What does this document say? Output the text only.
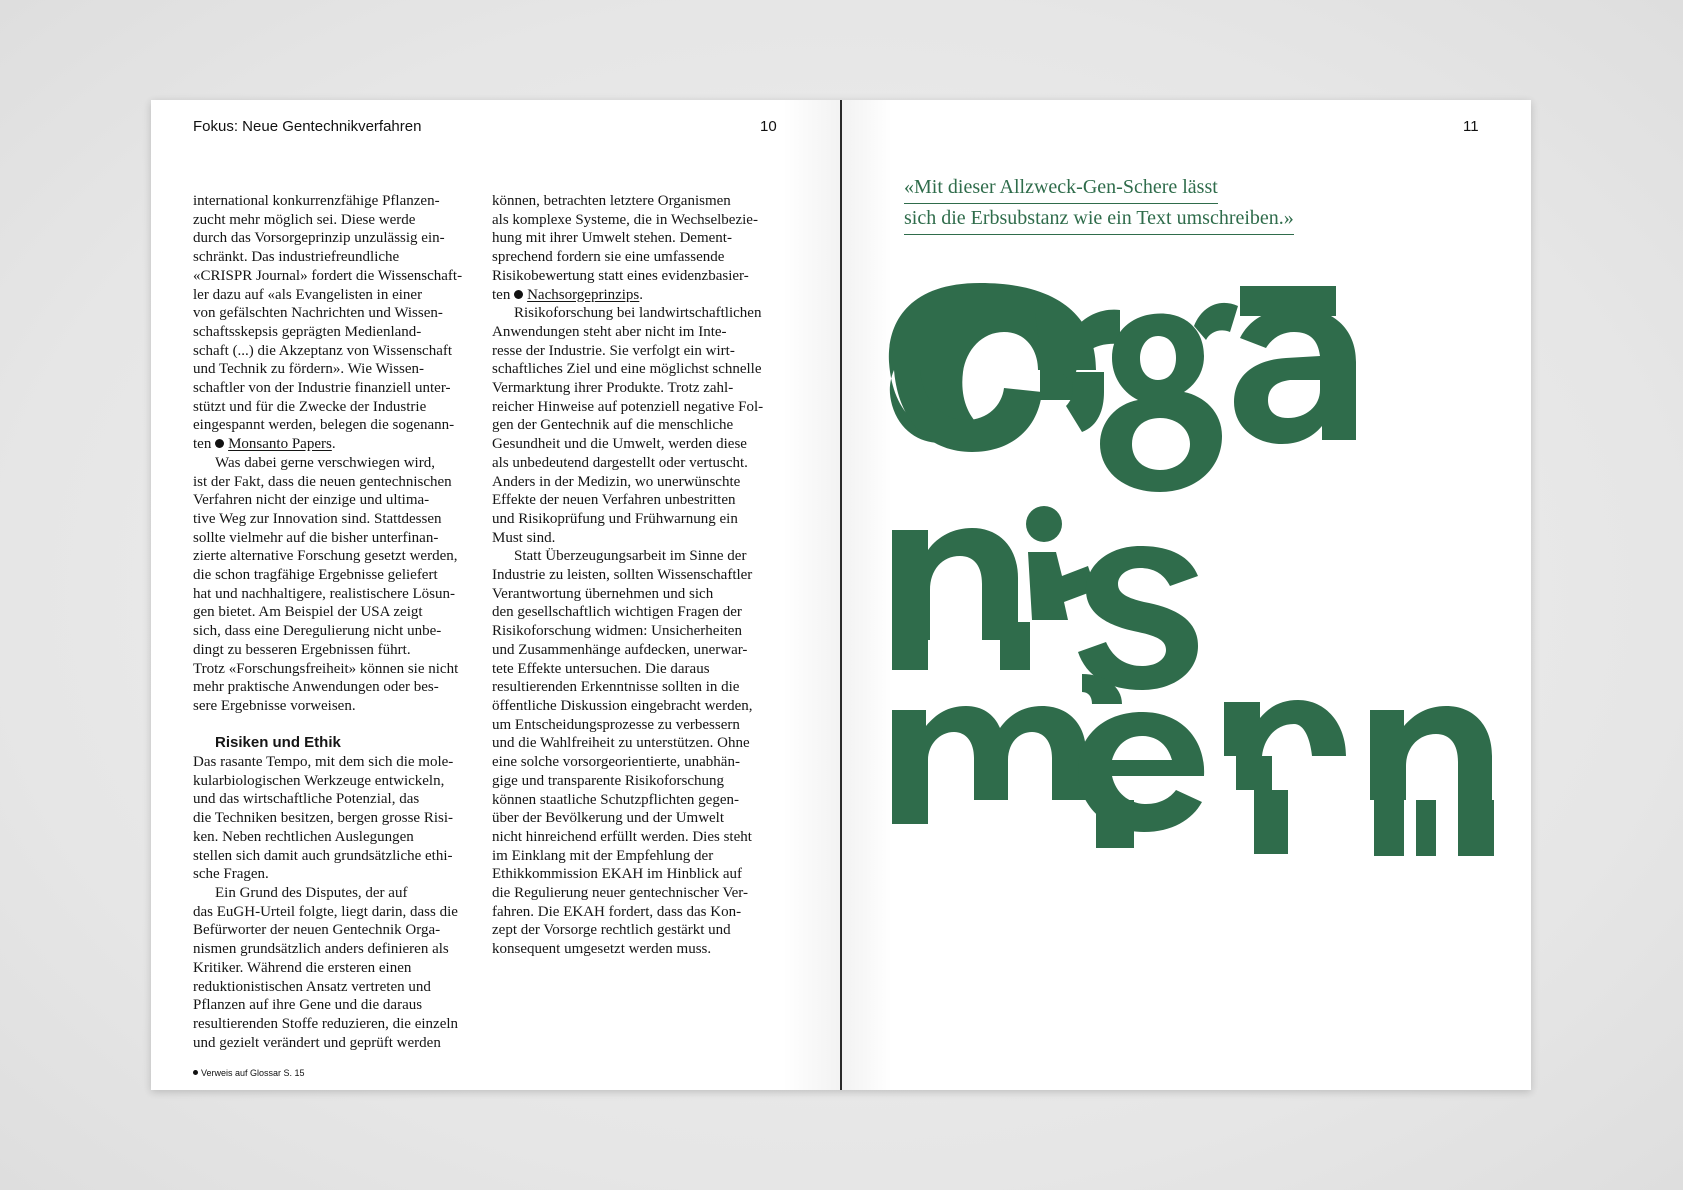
Fokus: Neue Gentechnikverfahren	10
international konkurrenzfähige Pflanzen-
zucht mehr möglich sei. Diese werde
durch das Vorsorgeprinzip unzulässig ein-
schränkt. Das industriefreundliche
«CRISPR Journal» fordert die Wissenschaft-
ler dazu auf «als Evangelisten in einer
von gefälschten Nachrichten und Wissen-
schaftsskepsis geprägten Medienland-
schaft (...) die Akzeptanz von Wissenschaft
und Technik zu fördern». Wie Wissen-
schaftler von der Industrie finanziell unter-
stützt und für die Zwecke der Industrie
eingespannt werden, belegen die sogenann-
ten Monsanto Papers.
Was dabei gerne verschwiegen wird,
ist der Fakt, dass die neuen gentechnischen
Verfahren nicht der einzige und ultima-
tive Weg zur Innovation sind. Stattdessen
sollte vielmehr auf die bisher unterfinan-
zierte alternative Forschung gesetzt werden,
die schon tragfähige Ergebnisse geliefert
hat und nachhaltigere, realistischere Lösun-
gen bietet. Am Beispiel der USA zeigt
sich, dass eine Deregulierung nicht unbe-
dingt zu besseren Ergebnissen führt.
Trotz «Forschungsfreiheit» können sie nicht
mehr praktische Anwendungen oder bes-
sere Ergebnisse vorweisen.
Risiken und Ethik
Das rasante Tempo, mit dem sich die mole-
kularbiologischen Werkzeuge entwickeln,
und das wirtschaftliche Potenzial, das
die Techniken besitzen, bergen grosse Risi-
ken. Neben rechtlichen Auslegungen
stellen sich damit auch grundsätzliche ethi-
sche Fragen.
Ein Grund des Disputes, der auf
das EuGH-Urteil folgte, liegt darin, dass die
Befürworter der neuen Gentechnik Orga-
nismen grundsätzlich anders definieren als
Kritiker. Während die ersteren einen
reduktionistischen Ansatz vertreten und
Pflanzen auf ihre Gene und die daraus
resultierenden Stoffe reduzieren, die einzeln
und gezielt verändert und geprüft werden
können, betrachten letztere Organismen
als komplexe Systeme, die in Wechselbezie-
hung mit ihrer Umwelt stehen. Dement-
sprechend fordern sie eine umfassende
Risikobewertung statt eines evidenzbasier-
ten Nachsorgeprinzips.
Risikoforschung bei landwirtschaftlichen
Anwendungen steht aber nicht im Inte-
resse der Industrie. Sie verfolgt ein wirt-
schaftliches Ziel und eine möglichst schnelle
Vermarktung ihrer Produkte. Trotz zahl-
reicher Hinweise auf potenziell negative Fol-
gen der Gentechnik auf die menschliche
Gesundheit und die Umwelt, werden diese
als unbedeutend dargestellt oder vertuscht.
Anders in der Medizin, wo unerwünschte
Effekte der neuen Verfahren unbestritten
und Risikoprüfung und Frühwarnung ein
Must sind.
Statt Überzeugungsarbeit im Sinne der
Industrie zu leisten, sollten Wissenschaftler
Verantwortung übernehmen und sich
den gesellschaftlich wichtigen Fragen der
Risikoforschung widmen: Unsicherheiten
und Zusammenhänge aufdecken, unerwar-
tete Effekte untersuchen. Die daraus
resultierenden Erkenntnisse sollten in die
öffentliche Diskussion eingebracht werden,
um Entscheidungsprozesse zu verbessern
und die Wahlfreiheit zu unterstützen. Ohne
eine solche vorsorgeorientierte, unabhän-
gige und transparente Risikoforschung
können staatliche Schutzpflichten gegen-
über der Bevölkerung und der Umwelt
nicht hinreichend erfüllt werden. Dies steht
im Einklang mit der Empfehlung der
Ethikkommission EKAH im Hinblick auf
die Regulierung neuer gentechnischer Ver-
fahren. Die EKAH fordert, dass das Kon-
zept der Vorsorge rechtlich gestärkt und
konsequent umgesetzt werden muss.
Verweis auf Glossar S. 15
11
«Mit dieser Allzweck-Gen-Schere lässt
sich die Erbsubstanz wie ein Text umschreiben.»
